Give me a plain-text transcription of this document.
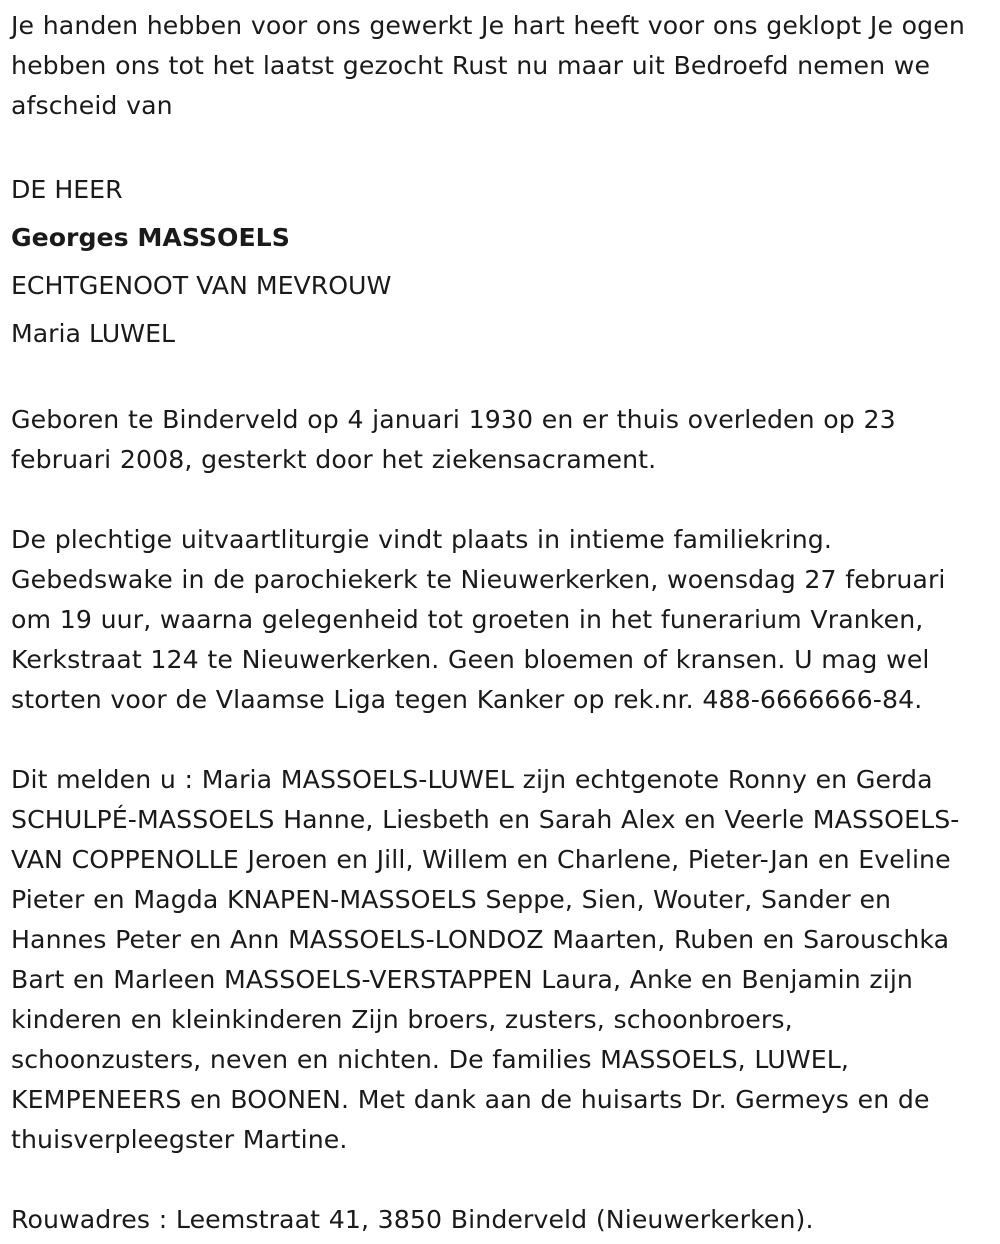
Je handen hebben voor ons gewerkt Je hart heeft voor ons geklopt Je ogen hebben ons tot het laatst gezocht Rust nu maar uit Bedroefd nemen we afscheid van

DE HEER

Georges MASSOELS

ECHTGENOOT VAN MEVROUW

Maria LUWEL

Geboren te Binderveld op 4 januari 1930 en er thuis overleden op 23 februari 2008, gesterkt door het ziekensacrament.

De plechtige uitvaartliturgie vindt plaats in intieme familiekring. Gebedswake in de parochiekerk te Nieuwerkerken, woensdag 27 februari om 19 uur, waarna gelegenheid tot groeten in het funerarium Vranken, Kerkstraat 124 te Nieuwerkerken. Geen bloemen of kransen. U mag wel storten voor de Vlaamse Liga tegen Kanker op rek.nr. 488-6666666-84.

Dit melden u : Maria MASSOELS-LUWEL zijn echtgenote Ronny en Gerda SCHULPÉ-MASSOELS Hanne, Liesbeth en Sarah Alex en Veerle MASSOELS-VAN COPPENOLLE Jeroen en Jill, Willem en Charlene, Pieter-Jan en Eveline Pieter en Magda KNAPEN-MASSOELS Seppe, Sien, Wouter, Sander en Hannes Peter en Ann MASSOELS-LONDOZ Maarten, Ruben en Sarouschka Bart en Marleen MASSOELS-VERSTAPPEN Laura, Anke en Benjamin zijn kinderen en kleinkinderen Zijn broers, zusters, schoonbroers, schoonzusters, neven en nichten. De families MASSOELS, LUWEL, KEMPENEERS en BOONEN. Met dank aan de huisarts Dr. Germeys en de thuisverpleegster Martine.

Rouwadres : Leemstraat 41, 3850 Binderveld (Nieuwerkerken).
